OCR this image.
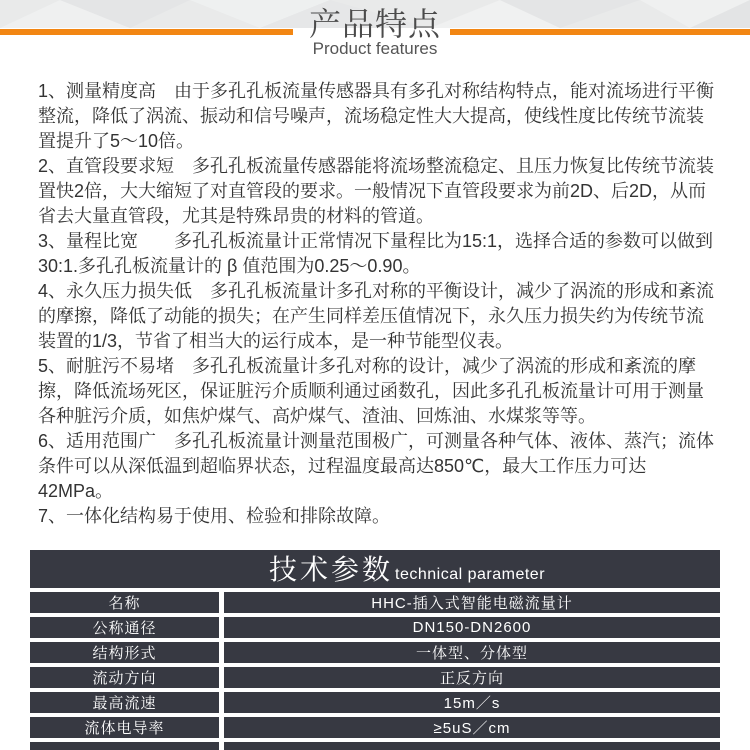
产品特点
Product features

1、测量精度高　由于多孔孔板流量传感器具有多孔对称结构特点，能对流场进行平衡整流，降低了涡流、振动和信号噪声，流场稳定性大大提高，使线性度比传统节流装置提升了5～10倍。

2、直管段要求短　多孔孔板流量传感器能将流场整流稳定、且压力恢复比传统节流装置快2倍，大大缩短了对直管段的要求。一般情况下直管段要求为前2D、后2D，从而省去大量直管段，尤其是特殊昂贵的材料的管道。

3、量程比宽　　多孔孔板流量计正常情况下量程比为15:1，选择合适的参数可以做到30:1.多孔孔板流量计的 β 值范围为0.25～0.90。

4、永久压力损失低　多孔孔板流量计多孔对称的平衡设计，减少了涡流的形成和紊流的摩擦，降低了动能的损失；在产生同样差压值情况下，永久压力损失约为传统节流装置的1/3，节省了相当大的运行成本，是一种节能型仪表。

5、耐脏污不易堵　多孔孔板流量计多孔对称的设计，减少了涡流的形成和紊流的摩擦，降低流场死区，保证脏污介质顺利通过函数孔，因此多孔孔板流量计可用于测量各种脏污介质，如焦炉煤气、高炉煤气、渣油、回炼油、水煤浆等等。

6、适用范围广　多孔孔板流量计测量范围极广，可测量各种气体、液体、蒸汽；流体条件可以从深低温到超临界状态，过程温度最高达850℃，最大工作压力可达42MPa。

7、一体化结构易于使用、检验和排除故障。

技术参数 technical parameter
名称	HHC-插入式智能电磁流量计
公称通径	DN150-DN2600
结构形式	一体型、分体型
流动方向	正反方向
最高流速	15m／s
流体电导率	≥5uS／cm
